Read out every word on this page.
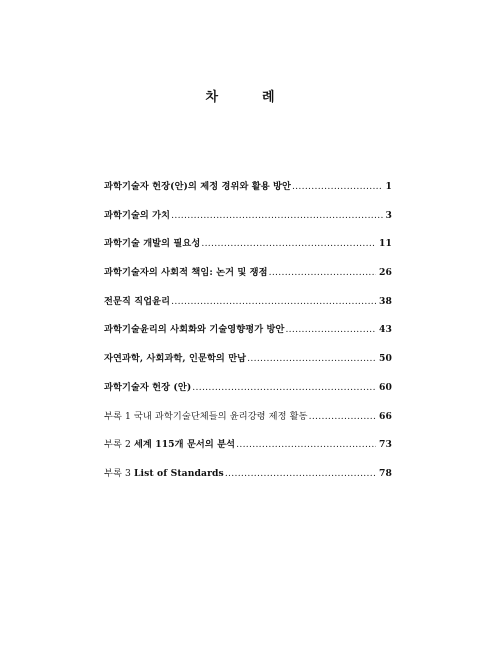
차	례
과학기술자 헌장(안)의 제정 경위와 활용 방안 .....	1
과학기술의 가치 .....	3
과학기술 개발의 필요성 .....	11
과학기술자의 사회적 책임: 논거 및 쟁점 .....	26
전문직 직업윤리 .....	38
과학기술윤리의 사회화와 기술영향평가 방안 .....	43
자연과학, 사회과학, 인문학의 만남 .....	50
과학기술자 헌장 (안) .....	60
부록 1 국내 과학기술단체들의 윤리강령 제정 활동 .....	66
부록 2 세계 115개 문서의 분석 .....	73
부록 3 List of Standards .....	78
